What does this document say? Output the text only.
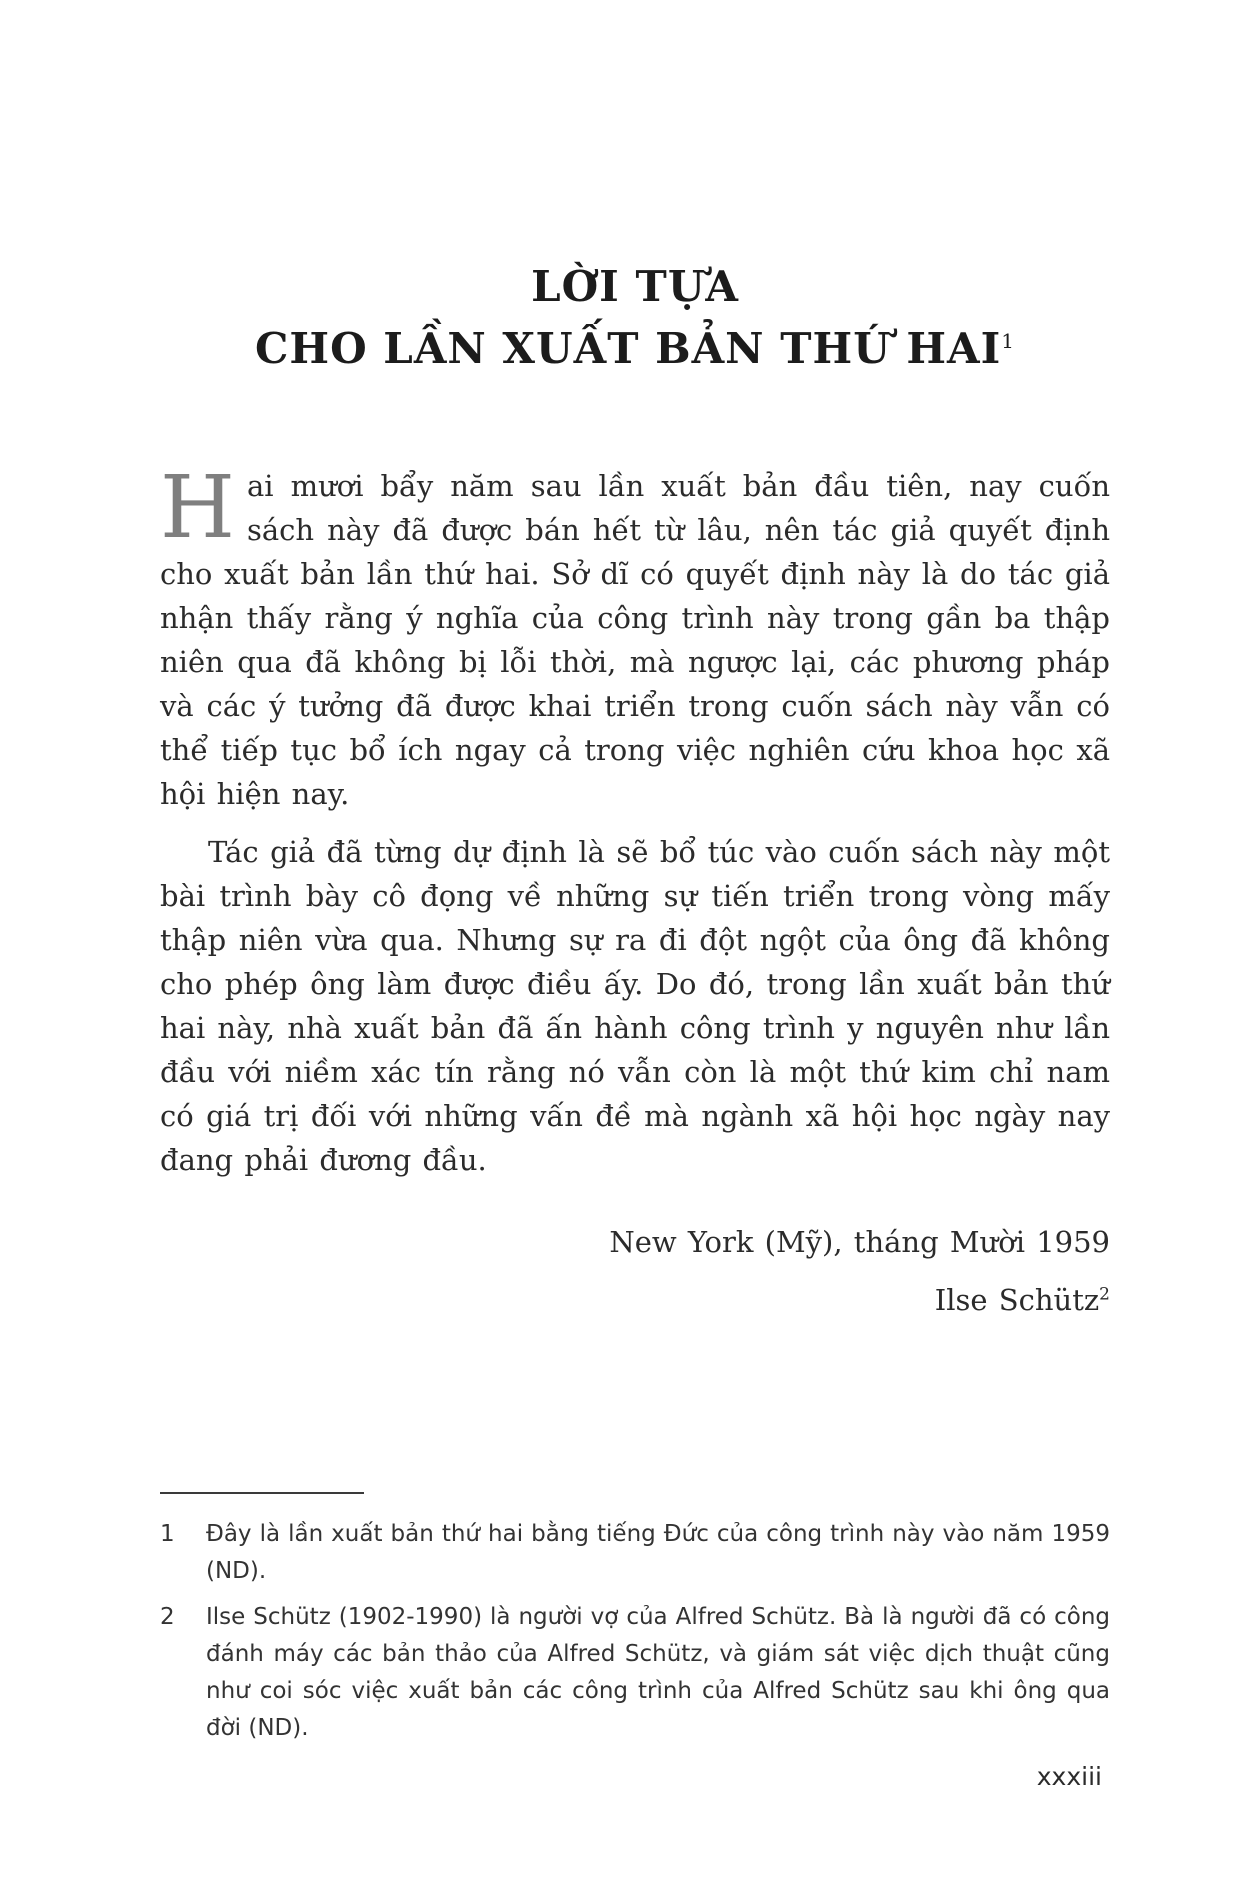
LỜI TỰA
CHO LẦN XUẤT BẢN THỨ HAI$^1$

Hai mươi bẩy năm sau lần xuất bản đầu tiên, nay cuốn sách này đã được bán hết từ lâu, nên tác giả quyết định cho xuất bản lần thứ hai. Sở dĩ có quyết định này là do tác giả nhận thấy rằng ý nghĩa của công trình này trong gần ba thập niên qua đã không bị lỗi thời, mà ngược lại, các phương pháp và các ý tưởng đã được khai triển trong cuốn sách này vẫn có thể tiếp tục bổ ích ngay cả trong việc nghiên cứu khoa học xã hội hiện nay.

Tác giả đã từng dự định là sẽ bổ túc vào cuốn sách này một bài trình bày cô đọng về những sự tiến triển trong vòng mấy thập niên vừa qua. Nhưng sự ra đi đột ngột của ông đã không cho phép ông làm được điều ấy. Do đó, trong lần xuất bản thứ hai này, nhà xuất bản đã ấn hành công trình y nguyên như lần đầu với niềm xác tín rằng nó vẫn còn là một thứ kim chỉ nam có giá trị đối với những vấn đề mà ngành xã hội học ngày nay đang phải đương đầu.

New York (Mỹ), tháng Mười 1959

Ilse Schütz$^2$

1	Đây là lần xuất bản thứ hai bằng tiếng Đức của công trình này vào năm 1959 (ND).
2	Ilse Schütz (1902-1990) là người vợ của Alfred Schütz. Bà là người đã có công đánh máy các bản thảo của Alfred Schütz, và giám sát việc dịch thuật cũng như coi sóc việc xuất bản các công trình của Alfred Schütz sau khi ông qua đời (ND).
xxxiii
